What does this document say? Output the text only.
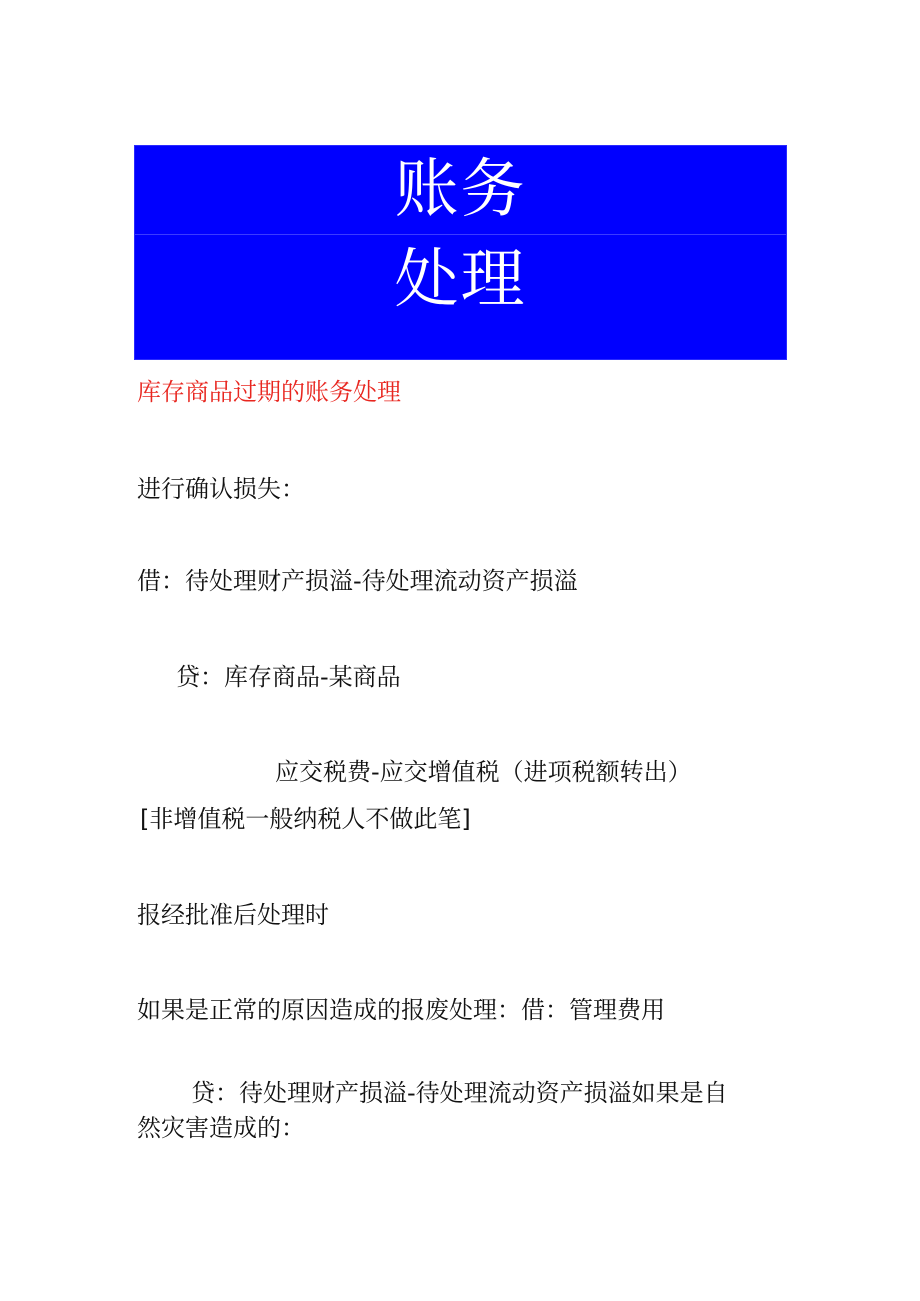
账务
处理
库存商品过期的账务处理
进行确认损失：
借：待处理财产损溢-待处理流动资产损溢
贷：库存商品-某商品
应交税费-应交增值税（进项税额转出）
[非增值税一般纳税人不做此笔]
报经批准后处理时
如果是正常的原因造成的报废处理：借：管理费用
贷：待处理财产损溢-待处理流动资产损溢如果是自
然灾害造成的：
